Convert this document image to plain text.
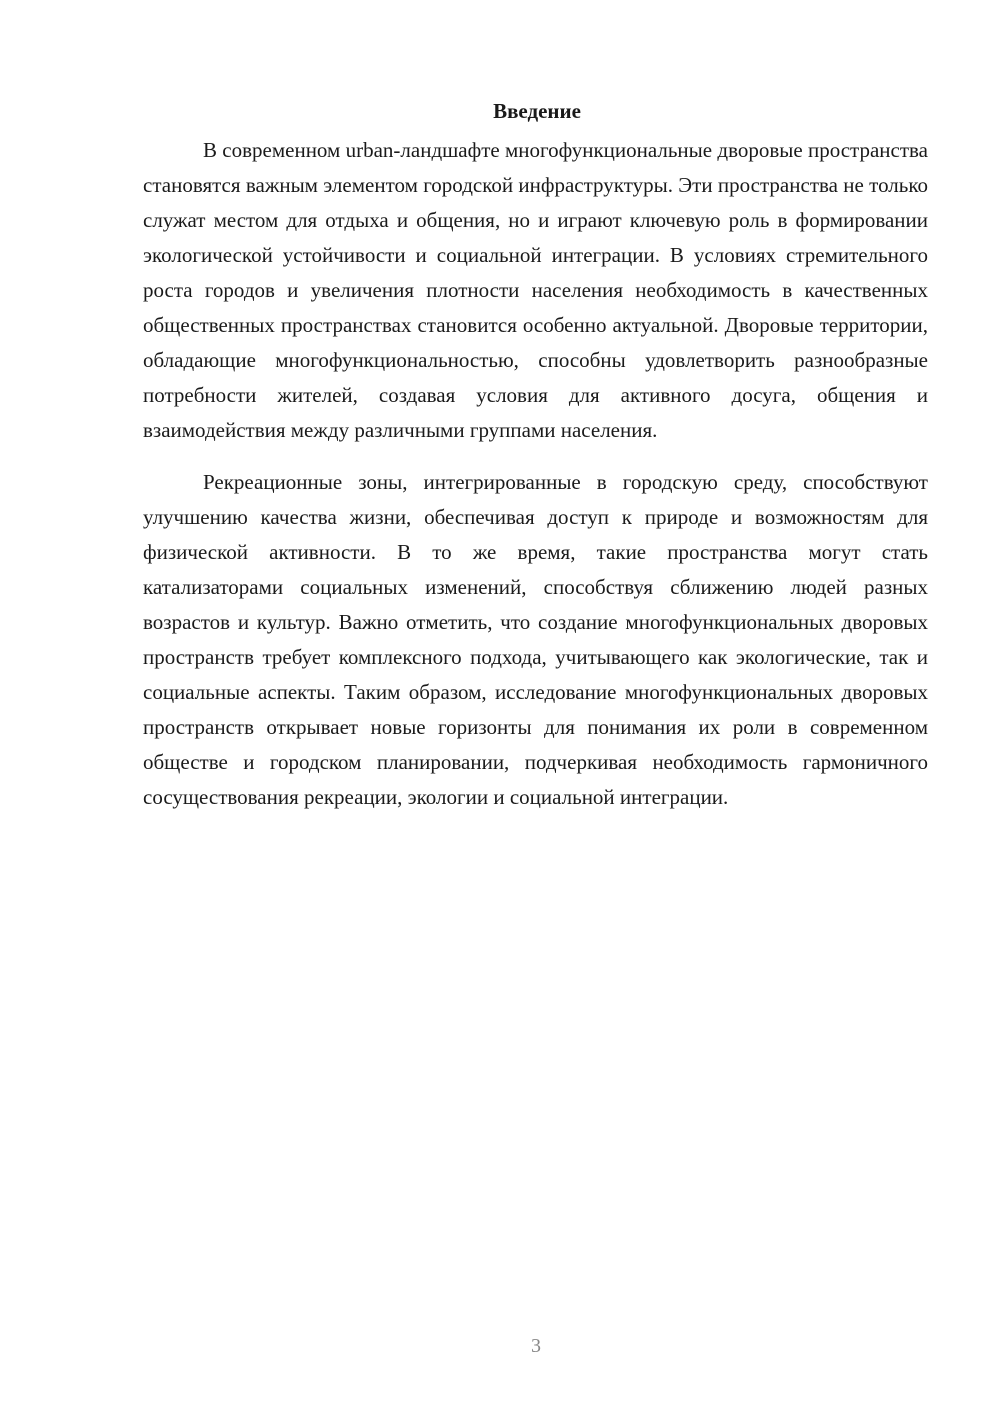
Введение

В современном urban-ландшафте многофункциональные дворовые пространства становятся важным элементом городской инфраструктуры. Эти пространства не только служат местом для отдыха и общения, но и играют ключевую роль в формировании экологической устойчивости и социальной интеграции. В условиях стремительного роста городов и увеличения плотности населения необходимость в качественных общественных пространствах становится особенно актуальной. Дворовые территории, обладающие многофункциональностью, способны удовлетворить разнообразные потребности жителей, создавая условия для активного досуга, общения и взаимодействия между различными группами населения.

Рекреационные зоны, интегрированные в городскую среду, способствуют улучшению качества жизни, обеспечивая доступ к природе и возможностям для физической активности. В то же время, такие пространства могут стать катализаторами социальных изменений, способствуя сближению людей разных возрастов и культур. Важно отметить, что создание многофункциональных дворовых пространств требует комплексного подхода, учитывающего как экологические, так и социальные аспекты. Таким образом, исследование многофункциональных дворовых пространств открывает новые горизонты для понимания их роли в современном обществе и городском планировании, подчеркивая необходимость гармоничного сосуществования рекреации, экологии и социальной интеграции.

3
